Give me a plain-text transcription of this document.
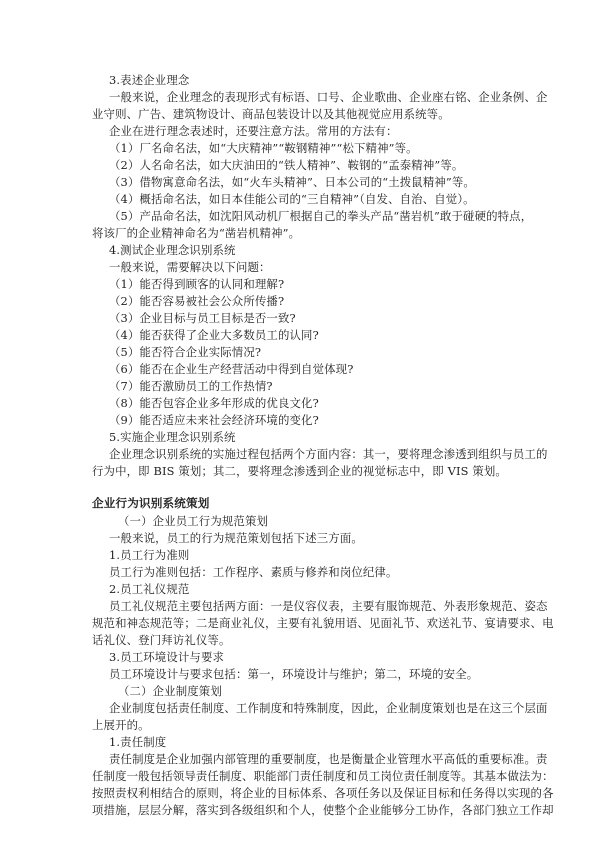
3.表述企业理念
一般来说，企业理念的表现形式有标语、口号、企业歌曲、企业座右铭、企业条例、企
业守则、广告、建筑物设计、商品包装设计以及其他视觉应用系统等。
企业在进行理念表述时，还要注意方法。常用的方法有：
（1）厂名命名法，如“大庆精神”“鞍钢精神”“松下精神”等。
（2）人名命名法，如大庆油田的“铁人精神”、鞍钢的“孟泰精神”等。
（3）借物寓意命名法，如“火车头精神”、日本公司的“土拨鼠精神”等。
（4）概括命名法，如日本佳能公司的“三自精神”（自发、自治、自觉）。
（5）产品命名法，如沈阳风动机厂根据自己的拳头产品“凿岩机”敢于碰硬的特点，
将该厂的企业精神命名为“凿岩机精神”。
4.测试企业理念识别系统
一般来说，需要解决以下问题：
（1）能否得到顾客的认同和理解?
（2）能否容易被社会公众所传播?
（3）企业目标与员工目标是否一致?
（4）能否获得了企业大多数员工的认同?
（5）能否符合企业实际情况?
（6）能否在企业生产经营活动中得到自觉体现?
（7）能否激励员工的工作热情?
（8）能否包容企业多年形成的优良文化?
（9）能否适应未来社会经济环境的变化?
5.实施企业理念识别系统
企业理念识别系统的实施过程包括两个方面内容：其一，要将理念渗透到组织与员工的
行为中，即 BIS 策划；其二，要将理念渗透到企业的视觉标志中，即 VIS 策划。
企业行为识别系统策划
（一）企业员工行为规范策划
一般来说，员工的行为规范策划包括下述三方面。
1.员工行为准则
员工行为准则包括：工作程序、素质与修养和岗位纪律。
2.员工礼仪规范
员工礼仪规范主要包括两方面：一是仪容仪表，主要有服饰规范、外表形象规范、姿态
规范和神态规范等；二是商业礼仪，主要有礼貌用语、见面礼节、欢送礼节、宴请要求、电
话礼仪、登门拜访礼仪等。
3.员工环境设计与要求
员工环境设计与要求包括：第一，环境设计与维护；第二，环境的安全。
（二）企业制度策划
企业制度包括责任制度、工作制度和特殊制度，因此，企业制度策划也是在这三个层面
上展开的。
1.责任制度
责任制度是企业加强内部管理的重要制度，也是衡量企业管理水平高低的重要标准。责
任制度一般包括领导责任制度、职能部门责任制度和员工岗位责任制度等。其基本做法为：
按照责权利相结合的原则，将企业的目标体系、各项任务以及保证目标和任务得以实现的各
项措施，层层分解，落实到各级组织和个人，使整个企业能够分工协作，各部门独立工作却
